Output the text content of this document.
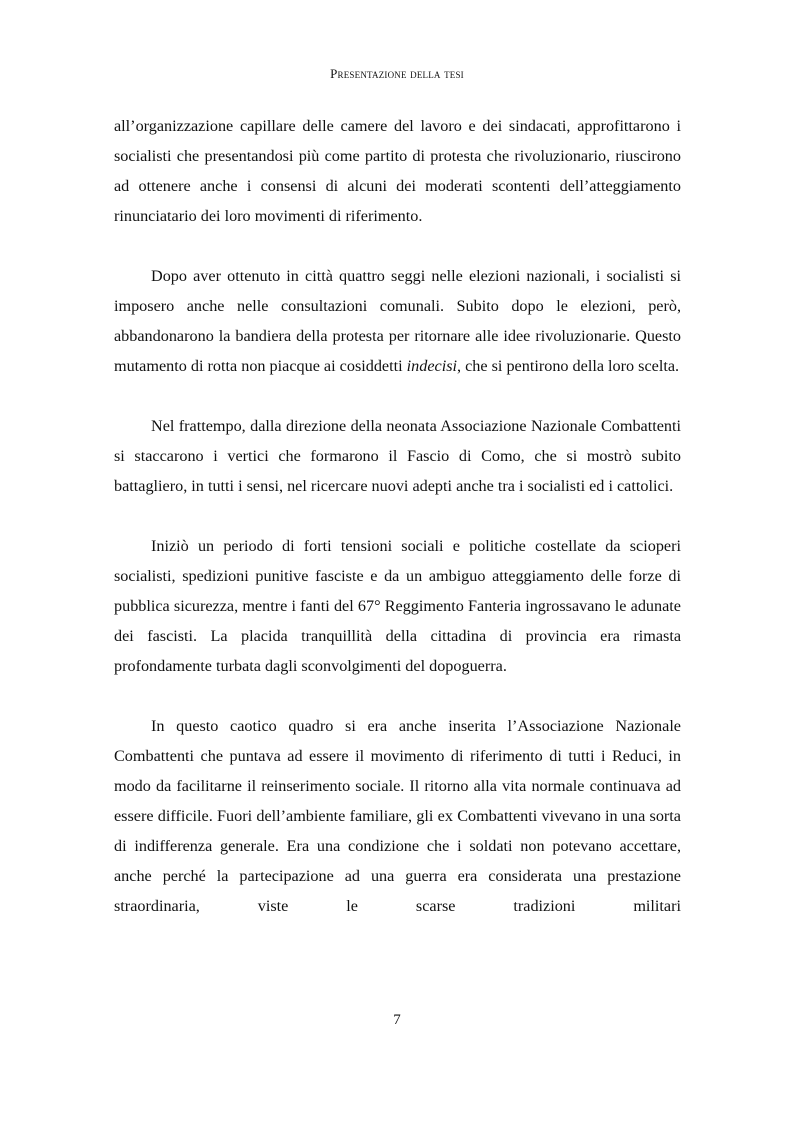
Presentazione della tesi

all’organizzazione capillare delle camere del lavoro e dei sindacati, approfittarono i socialisti che presentandosi più come partito di protesta che rivoluzionario, riuscirono ad ottenere anche i consensi di alcuni dei moderati scontenti dell’atteggiamento rinunciatario dei loro movimenti di riferimento.

Dopo aver ottenuto in città quattro seggi nelle elezioni nazionali, i socialisti si imposero anche nelle consultazioni comunali. Subito dopo le elezioni, però, abbandonarono la bandiera della protesta per ritornare alle idee rivoluzionarie. Questo mutamento di rotta non piacque ai cosiddetti indecisi, che si pentirono della loro scelta.

Nel frattempo, dalla direzione della neonata Associazione Nazionale Combattenti si staccarono i vertici che formarono il Fascio di Como, che si mostrò subito battagliero, in tutti i sensi, nel ricercare nuovi adepti anche tra i socialisti ed i cattolici.

Iniziò un periodo di forti tensioni sociali e politiche costellate da scioperi socialisti, spedizioni punitive fasciste e da un ambiguo atteggiamento delle forze di pubblica sicurezza, mentre i fanti del 67° Reggimento Fanteria ingrossavano le adunate dei fascisti. La placida tranquillità della cittadina di provincia era rimasta profondamente turbata dagli sconvolgimenti del dopoguerra.

In questo caotico quadro si era anche inserita l’Associazione Nazionale Combattenti che puntava ad essere il movimento di riferimento di tutti i Reduci, in modo da facilitarne il reinserimento sociale. Il ritorno alla vita normale continuava ad essere difficile. Fuori dell’ambiente familiare, gli ex Combattenti vivevano in una sorta di indifferenza generale. Era una condizione che i soldati non potevano accettare, anche perché la partecipazione ad una guerra era considerata una prestazione straordinaria, viste le scarse tradizioni militari

7
